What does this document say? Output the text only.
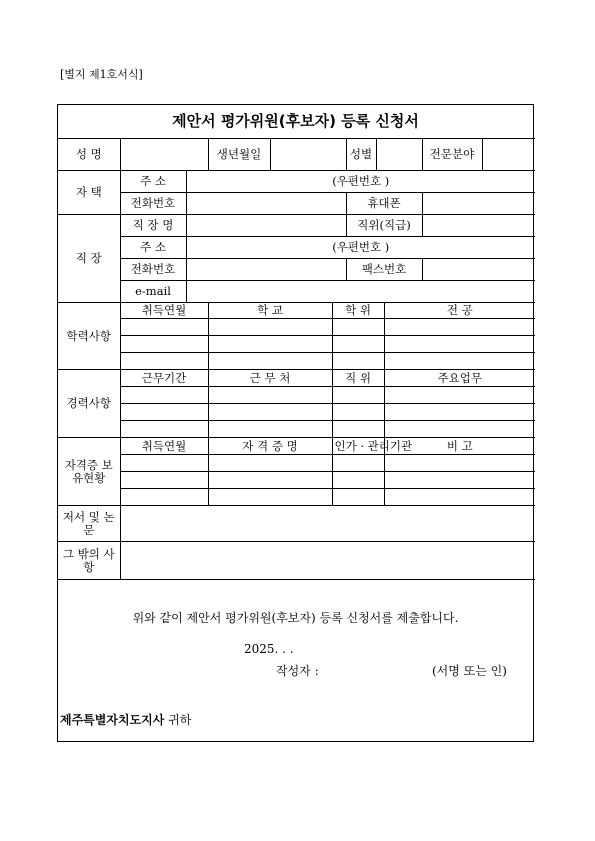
[별지 제1호서식]
제안서 평가위원(후보자) 등록 신청서
성 명			생년월일			성별			전문분야	
자 택	주 소	(우편번호 )								
	전화번호					휴대폰				
직 장	직 장 명					직위(직급)				
	주 소	(우편번호 )								
	전화번호					팩스번호				
	e-mail									
학력사항	취득연월		학 교		학 위			전 공		

경력사항	근무기간		근 무 처		직 위			주요업무		

자격증 보유현황	취득연월		자 격 증 명		인가 · 관리기관			비 고		

저서 및 논문										
그 밖의 사항										
위와 같이 제안서 평가위원(후보자) 등록 신청서를 제출합니다.
2025. . .
작성자 :	(서명 또는 인)
제주특별자치도지사 귀하
